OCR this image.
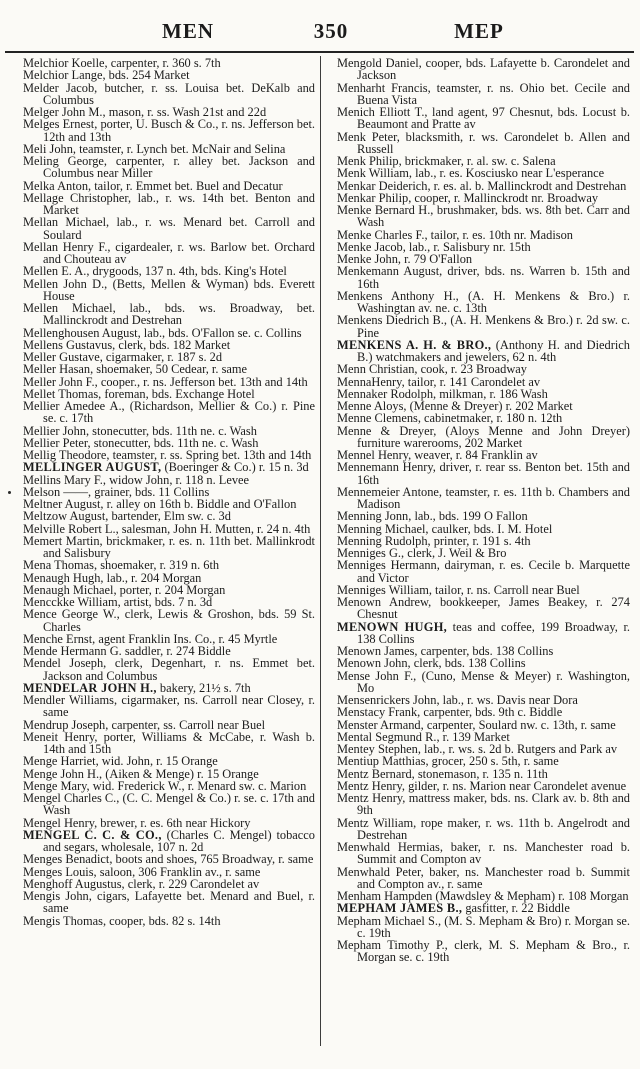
MEN	350	MEP
Melchior Koelle, carpenter, r. 360 s. 7th
Melchior Lange, bds. 254 Market
Melder Jacob, butcher, r. ss. Louisa bet. DeKalb and Columbus
Melger John M., mason, r. ss. Wash 21st and 22d
Melges Ernest, porter, U. Busch & Co., r. ns. Jefferson bet. 12th and 13th
Meli John, teamster, r. Lynch bet. McNair and Selina
Meling George, carpenter, r. alley bet. Jackson and Columbus near Miller
Melka Anton, tailor, r. Emmet bet. Buel and Decatur
Mellage Christopher, lab., r. ws. 14th bet. Benton and Market
Mellan Michael, lab., r. ws. Menard bet. Carroll and Soulard
Mellan Henry F., cigardealer, r. ws. Barlow bet. Orchard and Chouteau av
Mellen E. A., drygoods, 137 n. 4th, bds. King's Hotel
Mellen John D., (Betts, Mellen & Wyman) bds. Everett House
Mellen Michael, lab., bds. ws. Broadway, bet. Mallinckrodt and Destrehan
Mellenghousen August, lab., bds. O'Fallon se. c. Collins
Mellens Gustavus, clerk, bds. 182 Market
Meller Gustave, cigarmaker, r. 187 s. 2d
Meller Hasan, shoemaker, 50 Cedear, r. same
Meller John F., cooper., r. ns. Jefferson bet. 13th and 14th
Mellet Thomas, foreman, bds. Exchange Hotel
Mellier Amedee A., (Richardson, Mellier & Co.) r. Pine se. c. 17th
Mellier John, stonecutter, bds. 11th ne. c. Wash
Mellier Peter, stonecutter, bds. 11th ne. c. Wash
Mellig Theodore, teamster, r. ss. Spring bet. 13th and 14th
MELLINGER AUGUST, (Boeringer & Co.) r. 15 n. 3d
Mellins Mary F., widow John, r. 118 n. Levee
Melson ——, grainer, bds. 11 Collins
Meltner August, r. alley on 16th b. Biddle and O'Fallon
Meltzow August, bartender, Elm sw. c. 3d
Melville Robert L., salesman, John H. Mutten, r. 24 n. 4th
Memert Martin, brickmaker, r. es. n. 11th bet. Mallinkrodt and Salisbury
Mena Thomas, shoemaker, r. 319 n. 6th
Menaugh Hugh, lab., r. 204 Morgan
Menaugh Michael, porter, r. 204 Morgan
Mencckke William, artist, bds. 7 n. 3d
Mence George W., clerk, Lewis & Groshon, bds. 59 St. Charles
Menche Ernst, agent Franklin Ins. Co., r. 45 Myrtle
Mende Hermann G. saddler, r. 274 Biddle
Mendel Joseph, clerk, Degenhart, r. ns. Emmet bet. Jackson and Columbus
MENDELAR JOHN H., bakery, 21½ s. 7th
Mendler Williams, cigarmaker, ns. Carroll near Closey, r. same
Mendrup Joseph, carpenter, ss. Carroll near Buel
Meneit Henry, porter, Williams & McCabe, r. Wash b. 14th and 15th
Menge Harriet, wid. John, r. 15 Orange
Menge John H., (Aiken & Menge) r. 15 Orange
Menge Mary, wid. Frederick W., r. Menard sw. c. Marion
Mengel Charles C., (C. C. Mengel & Co.) r. se. c. 17th and Wash
Mengel Henry, brewer, r. es. 6th near Hickory
MENGEL C. C. & CO., (Charles C. Mengel) tobacco and segars, wholesale, 107 n. 2d
Menges Benadict, boots and shoes, 765 Broadway, r. same
Menges Louis, saloon, 306 Franklin av., r. same
Menghoff Augustus, clerk, r. 229 Carondelet av
Mengis John, cigars, Lafayette bet. Menard and Buel, r. same
Mengis Thomas, cooper, bds. 82 s. 14th
Mengold Daniel, cooper, bds. Lafayette b. Carondelet and Jackson
Menharht Francis, teamster, r. ns. Ohio bet. Cecile and Buena Vista
Menich Elliott T., land agent, 97 Chesnut, bds. Locust b. Beaumont and Pratte av
Menk Peter, blacksmith, r. ws. Carondelet b. Allen and Russell
Menk Philip, brickmaker, r. al. sw. c. Salena
Menk William, lab., r. es. Kosciusko near L'esperance
Menkar Deiderich, r. es. al. b. Mallinckrodt and Destrehan
Menkar Philip, cooper, r. Mallinckrodt nr. Broadway
Menke Bernard H., brushmaker, bds. ws. 8th bet. Carr and Wash
Menke Charles F., tailor, r. es. 10th nr. Madison
Menke Jacob, lab., r. Salisbury nr. 15th
Menke John, r. 79 O'Fallon
Menkemann August, driver, bds. ns. Warren b. 15th and 16th
Menkens Anthony H., (A. H. Menkens & Bro.) r. Washingtan av. ne. c. 13th
Menkens Diedrich B., (A. H. Menkens & Bro.) r. 2d sw. c. Pine
MENKENS A. H. & BRO., (Anthony H. and Diedrich B.) watchmakers and jewelers, 62 n. 4th
Menn Christian, cook, r. 23 Broadway
MennaHenry, tailor, r. 141 Carondelet av
Mennaker Rodolph, milkman, r. 186 Wash
Menne Aloys, (Menne & Dreyer) r. 202 Market
Menne Clemens, cabinetmaker, r. 180 n. 12th
Menne & Dreyer, (Aloys Menne and John Dreyer) furniture warerooms, 202 Market
Mennel Henry, weaver, r. 84 Franklin av
Mennemann Henry, driver, r. rear ss. Benton bet. 15th and 16th
Mennemeier Antone, teamster, r. es. 11th b. Chambers and Madison
Menning Jonn, lab., bds. 199 O Fallon
Menning Michael, caulker, bds. I. M. Hotel
Menning Rudolph, printer, r. 191 s. 4th
Menniges G., clerk, J. Weil & Bro
Menniges Hermann, dairyman, r. es. Cecile b. Marquette and Victor
Menniges William, tailor, r. ns. Carroll near Buel
Menown Andrew, bookkeeper, James Beakey, r. 274 Chesnut
MENOWN HUGH, teas and coffee, 199 Broadway, r. 138 Collins
Menown James, carpenter, bds. 138 Collins
Menown John, clerk, bds. 138 Collins
Mense John F., (Cuno, Mense & Meyer) r. Washington, Mo
Mensenrickers John, lab., r. ws. Davis near Dora
Menstacy Frank, carpenter, bds. 9th c. Biddle
Menster Armand, carpenter, Soulard nw. c. 13th, r. same
Mental Segmund R., r. 139 Market
Mentey Stephen, lab., r. ws. s. 2d b. Rutgers and Park av
Mentiup Matthias, grocer, 250 s. 5th, r. same
Mentz Bernard, stonemason, r. 135 n. 11th
Mentz Henry, gilder, r. ns. Marion near Carondelet avenue
Mentz Henry, mattress maker, bds. ns. Clark av. b. 8th and 9th
Mentz William, rope maker, r. ws. 11th b. Angelrodt and Destrehan
Menwhald Hermias, baker, r. ns. Manchester road b. Summit and Compton av
Menwhald Peter, baker, ns. Manchester road b. Summit and Compton av., r. same
Menham Hampden (Mawdsley & Mepham) r. 108 Morgan
MEPHAM JAMES B., gasfitter, r. 22 Biddle
Mepham Michael S., (M. S. Mepham & Bro) r. Morgan se. c. 19th
Mepham Timothy P., clerk, M. S. Mepham & Bro., r. Morgan se. c. 19th
